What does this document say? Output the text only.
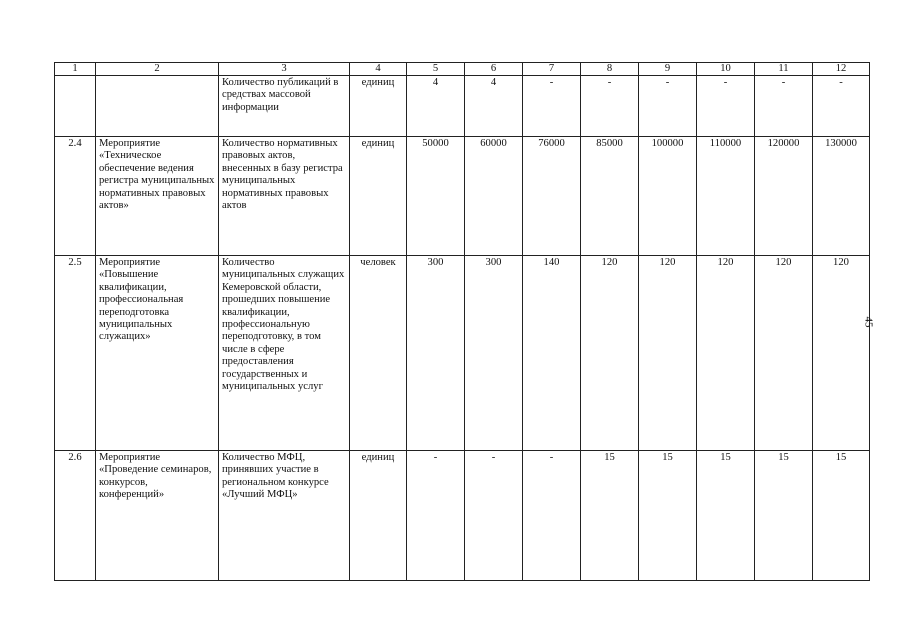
1	2	3	4	5	6	7	8	9	10	11	12
		Количество публикаций в средствах массовой информации	единиц	4	4	-	-	-	-	-	-
2.4	Мероприятие «Техническое обеспечение ведения регистра муниципальных нормативных правовых актов»	Количество нормативных правовых актов, внесенных в базу регистра муниципальных нормативных правовых актов	единиц	50000	60000	76000	85000	100000	110000	120000	130000
2.5	Мероприятие «Повышение квалификации, профессиональная переподготовка муниципальных служащих»	Количество муниципальных служащих Кемеровской области, прошедших повышение квалификации, профессиональную переподготовку, в том числе в сфере предоставления государственных и муниципальных услуг	человек	300	300	140	120	120	120	120	120
2.6	Мероприятие «Проведение семинаров, конкурсов, конференций»	Количество МФЦ, принявших участие в региональном конкурсе «Лучший МФЦ»	единиц	-	-	-	15	15	15	15	15
45
